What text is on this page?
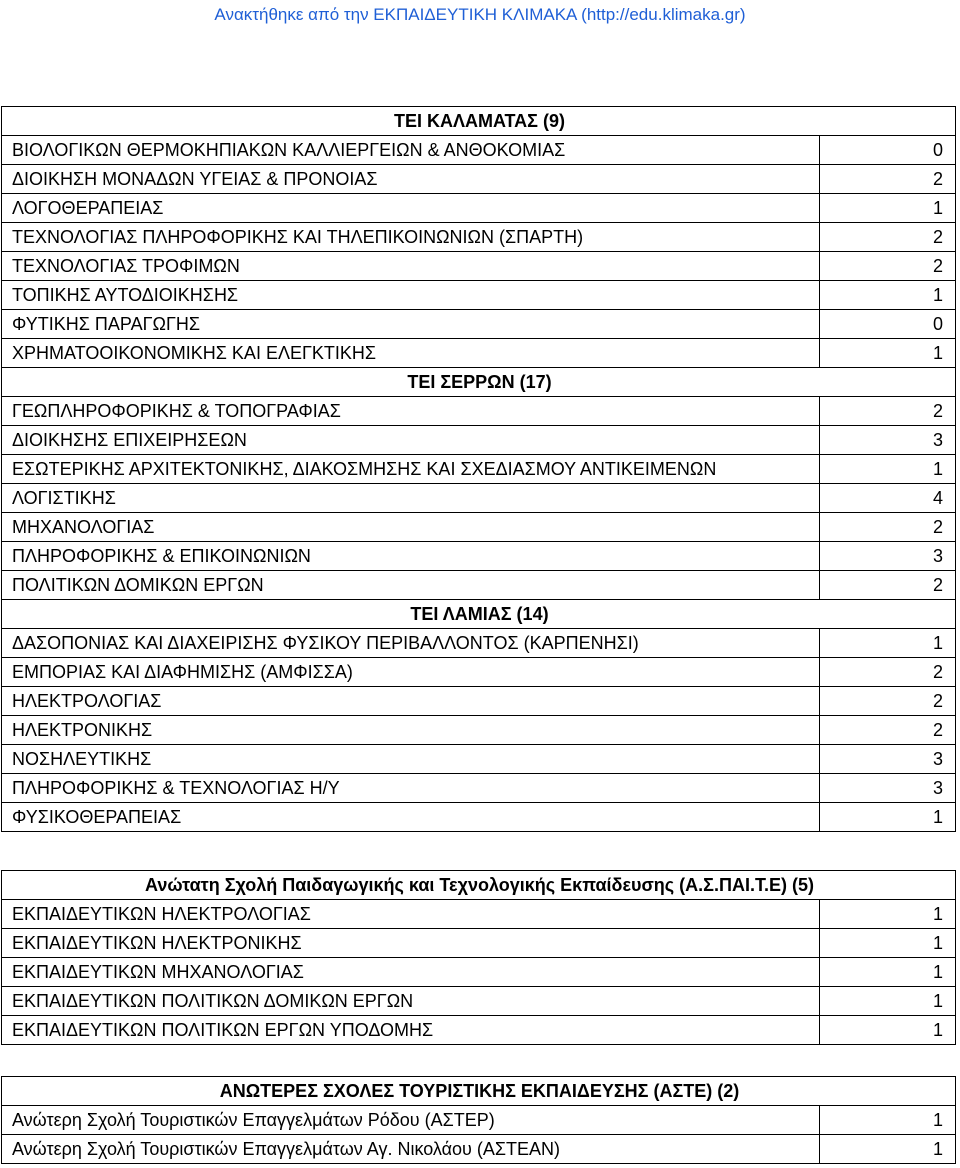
Ανακτήθηκε από την ΕΚΠΑΙΔΕΥΤΙΚΗ ΚΛΙΜΑΚΑ (http://edu.klimaka.gr)
ΤΕΙ ΚΑΛΑΜΑΤΑΣ (9)	
ΒΙΟΛΟΓΙΚΩΝ ΘΕΡΜΟΚΗΠΙΑΚΩΝ ΚΑΛΛΙΕΡΓΕΙΩΝ & ΑΝΘΟΚΟΜΙΑΣ	0
ΔΙΟΙΚΗΣΗ ΜΟΝΑΔΩΝ ΥΓΕΙΑΣ & ΠΡΟΝΟΙΑΣ	2
ΛΟΓΟΘΕΡΑΠΕΙΑΣ	1
ΤΕΧΝΟΛΟΓΙΑΣ ΠΛΗΡΟΦΟΡΙΚΗΣ ΚΑΙ ΤΗΛΕΠΙΚΟΙΝΩΝΙΩΝ (ΣΠΑΡΤΗ)	2
ΤΕΧΝΟΛΟΓΙΑΣ ΤΡΟΦΙΜΩΝ	2
ΤΟΠΙΚΗΣ ΑΥΤΟΔΙΟΙΚΗΣΗΣ	1
ΦΥΤΙΚΗΣ ΠΑΡΑΓΩΓΗΣ	0
ΧΡΗΜΑΤΟΟΙΚΟΝΟΜΙΚΗΣ ΚΑΙ ΕΛΕΓΚΤΙΚΗΣ	1
ΤΕΙ ΣΕΡΡΩΝ (17)	
ΓΕΩΠΛΗΡΟΦΟΡΙΚΗΣ & ΤΟΠΟΓΡΑΦΙΑΣ	2
ΔΙΟΙΚΗΣΗΣ ΕΠΙΧΕΙΡΗΣΕΩΝ	3
ΕΣΩΤΕΡΙΚΗΣ ΑΡΧΙΤΕΚΤΟΝΙΚΗΣ, ΔΙΑΚΟΣΜΗΣΗΣ ΚΑΙ ΣΧΕΔΙΑΣΜΟΥ ΑΝΤΙΚΕΙΜΕΝΩΝ	1
ΛΟΓΙΣΤΙΚΗΣ	4
ΜΗΧΑΝΟΛΟΓΙΑΣ	2
ΠΛΗΡΟΦΟΡΙΚΗΣ & ΕΠΙΚΟΙΝΩΝΙΩΝ	3
ΠΟΛΙΤΙΚΩΝ ΔΟΜΙΚΩΝ ΕΡΓΩΝ	2
ΤΕΙ ΛΑΜΙΑΣ (14)	
ΔΑΣΟΠΟΝΙΑΣ ΚΑΙ ΔΙΑΧΕΙΡΙΣΗΣ ΦΥΣΙΚΟΥ ΠΕΡΙΒΑΛΛΟΝΤΟΣ (ΚΑΡΠΕΝΗΣΙ)	1
ΕΜΠΟΡΙΑΣ ΚΑΙ ΔΙΑΦΗΜΙΣΗΣ (ΑΜΦΙΣΣΑ)	2
ΗΛΕΚΤΡΟΛΟΓΙΑΣ	2
ΗΛΕΚΤΡΟΝΙΚΗΣ	2
ΝΟΣΗΛΕΥΤΙΚΗΣ	3
ΠΛΗΡΟΦΟΡΙΚΗΣ & ΤΕΧΝΟΛΟΓΙΑΣ Η/Υ	3
ΦΥΣΙΚΟΘΕΡΑΠΕΙΑΣ	1
Ανώτατη Σχολή Παιδαγωγικής και Τεχνολογικής Εκπαίδευσης (Α.Σ.ΠΑΙ.Τ.Ε) (5)	
ΕΚΠΑΙΔΕΥΤΙΚΩΝ ΗΛΕΚΤΡΟΛΟΓΙΑΣ	1
ΕΚΠΑΙΔΕΥΤΙΚΩΝ ΗΛΕΚΤΡΟΝΙΚΗΣ	1
ΕΚΠΑΙΔΕΥΤΙΚΩΝ ΜΗΧΑΝΟΛΟΓΙΑΣ	1
ΕΚΠΑΙΔΕΥΤΙΚΩΝ ΠΟΛΙΤΙΚΩΝ ΔΟΜΙΚΩΝ ΕΡΓΩΝ	1
ΕΚΠΑΙΔΕΥΤΙΚΩΝ ΠΟΛΙΤΙΚΩΝ ΕΡΓΩΝ ΥΠΟΔΟΜΗΣ	1
ΑΝΩΤΕΡΕΣ ΣΧΟΛΕΣ ΤΟΥΡΙΣΤΙΚΗΣ ΕΚΠΑΙΔΕΥΣΗΣ (ΑΣΤΕ) (2)	
Ανώτερη Σχολή Τουριστικών Επαγγελμάτων Ρόδου (ΑΣΤΕΡ)	1
Ανώτερη Σχολή Τουριστικών Επαγγελμάτων Αγ. Νικολάου (ΑΣΤΕΑΝ)	1
